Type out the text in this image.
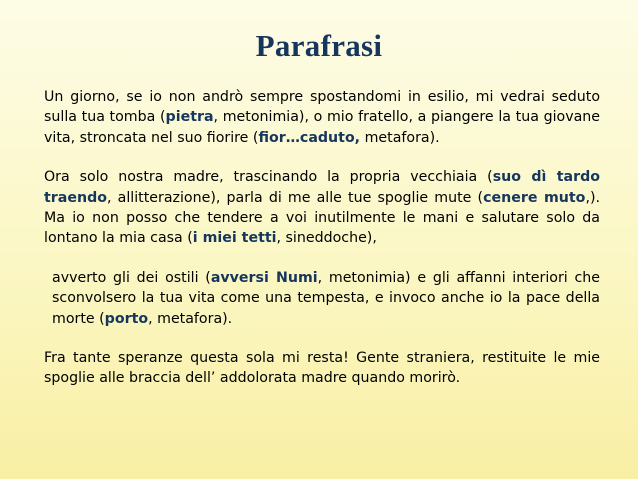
Parafrasi

Un giorno, se io non andrò sempre spostandomi in esilio, mi vedrai seduto sulla tua tomba (pietra, metonimia), o mio fratello, a piangere la tua giovane vita, stroncata nel suo fiorire (fior…caduto, metafora).

Ora solo nostra madre, trascinando la propria vecchiaia (suo dì tardo traendo, allitterazione), parla di me alle tue spoglie mute (cenere muto,). Ma io non posso che tendere a voi inutilmente le mani e salutare solo da lontano la mia casa (i miei tetti, sineddoche),

avverto gli dei ostili (avversi Numi, metonimia) e gli affanni interiori che sconvolsero la tua vita come una tempesta, e invoco anche io la pace della morte (porto, metafora).

Fra tante speranze questa sola mi resta! Gente straniera, restituite le mie spoglie alle braccia dell’ addolorata madre quando morirò.
